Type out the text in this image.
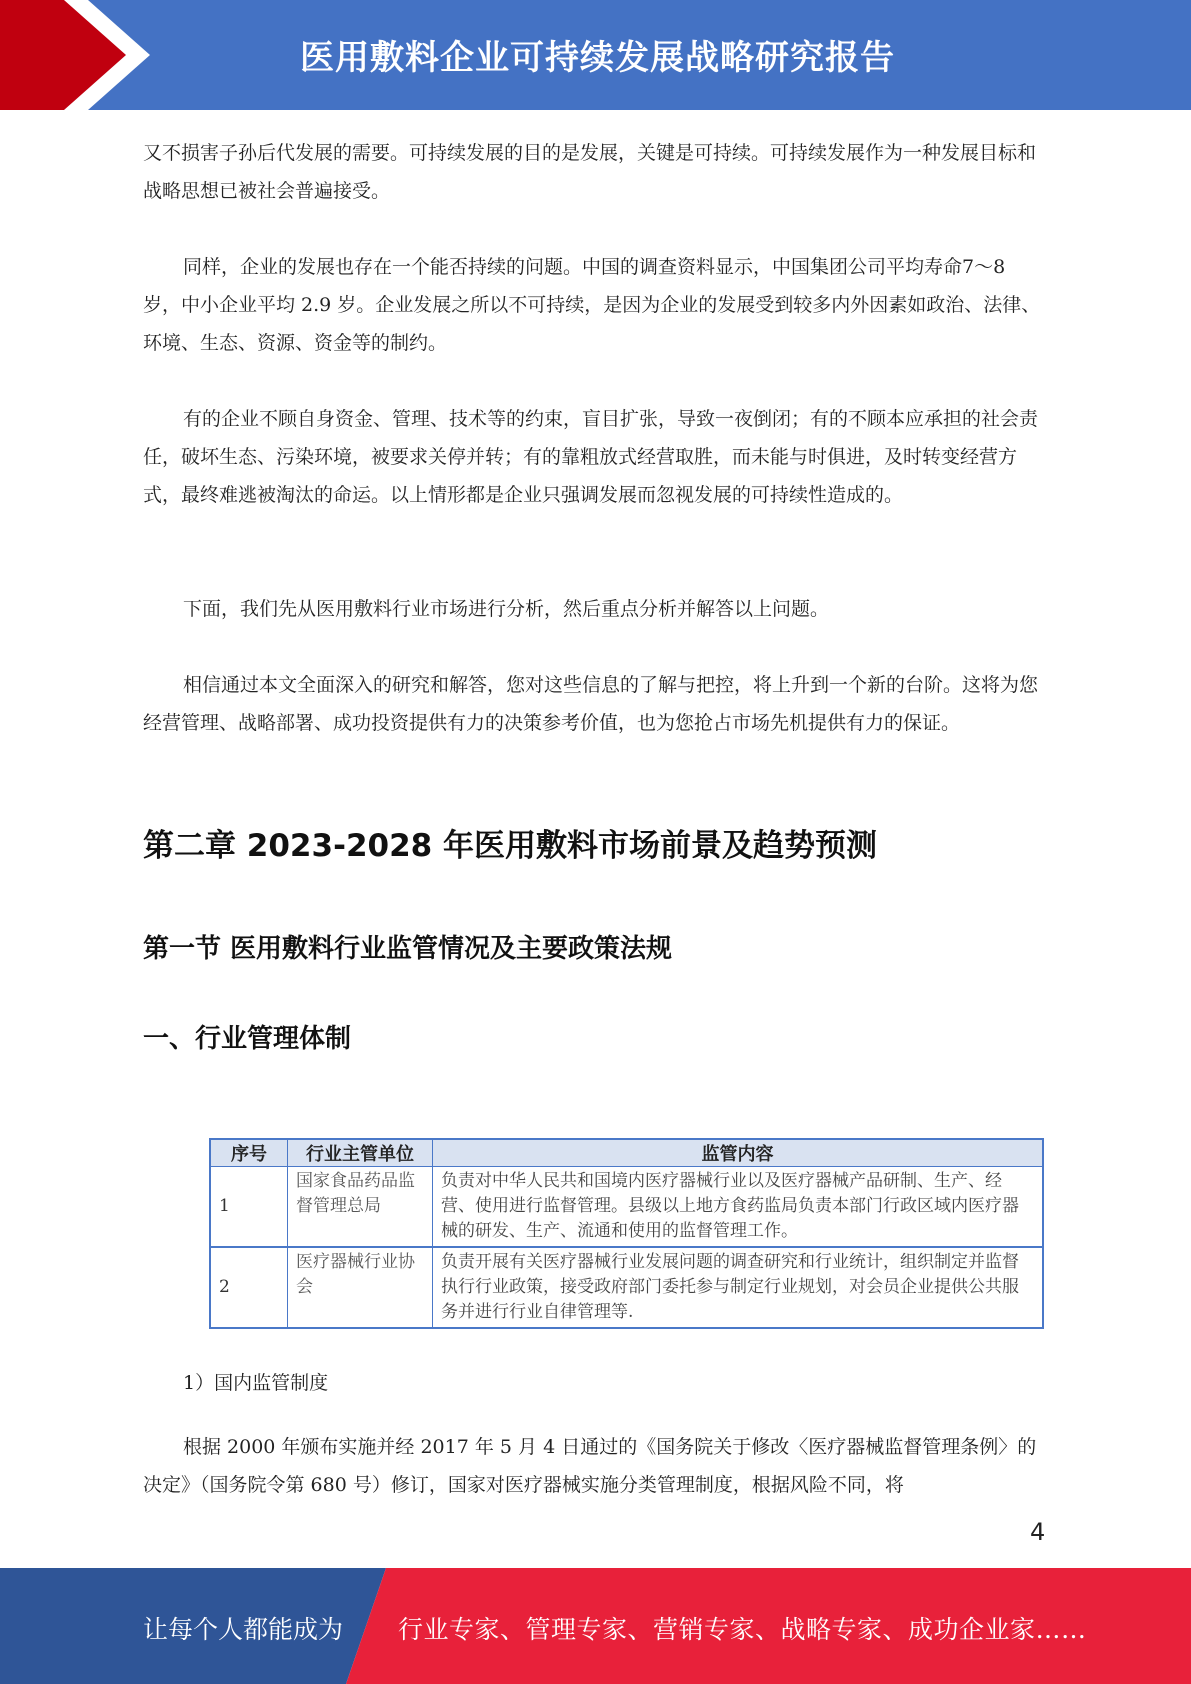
医用敷料企业可持续发展战略研究报告

又不损害子孙后代发展的需要。可持续发展的目的是发展，关键是可持续。可持续发展作为一种发展目标和战略思想已被社会普遍接受。

同样，企业的发展也存在一个能否持续的问题。中国的调查资料显示，中国集团公司平均寿命7～8 岁，中小企业平均 2.9 岁。企业发展之所以不可持续，是因为企业的发展受到较多内外因素如政治、法律、环境、生态、资源、资金等的制约。

有的企业不顾自身资金、管理、技术等的约束，盲目扩张，导致一夜倒闭；有的不顾本应承担的社会责任，破坏生态、污染环境，被要求关停并转；有的靠粗放式经营取胜，而未能与时俱进，及时转变经营方式，最终难逃被淘汰的命运。以上情形都是企业只强调发展而忽视发展的可持续性造成的。

下面，我们先从医用敷料行业市场进行分析，然后重点分析并解答以上问题。

相信通过本文全面深入的研究和解答，您对这些信息的了解与把控，将上升到一个新的台阶。这将为您经营管理、战略部署、成功投资提供有力的决策参考价值，也为您抢占市场先机提供有力的保证。

第二章 2023-2028 年医用敷料市场前景及趋势预测
第一节 医用敷料行业监管情况及主要政策法规
一、行业管理体制
序号	行业主管单位	监管内容
1	国家食品药品监督管理总局	负责对中华人民共和国境内医疗器械行业以及医疗器械产品研制、生产、经营、使用进行监督管理。县级以上地方食药监局负责本部门行政区域内医疗器械的研发、生产、流通和使用的监督管理工作。
2	医疗器械行业协会	负责开展有关医疗器械行业发展问题的调查研究和行业统计，组织制定并监督执行行业政策，接受政府部门委托参与制定行业规划，对会员企业提供公共服务并进行行业自律管理等.

1）国内监管制度

根据 2000 年颁布实施并经 2017 年 5 月 4 日通过的《国务院关于修改〈医疗器械监督管理条例〉的决定》（国务院令第 680 号）修订，国家对医疗器械实施分类管理制度，根据风险不同，将

4
让每个人都能成为 行业专家、管理专家、营销专家、战略专家、成功企业家……
